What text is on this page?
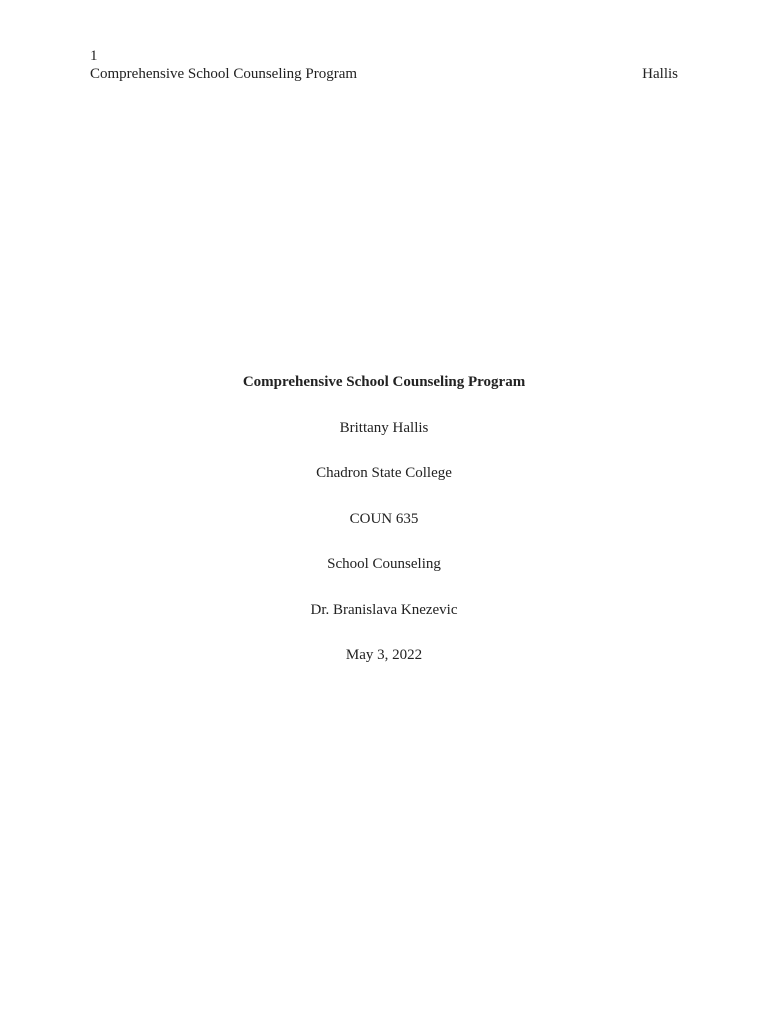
1
Comprehensive School Counseling Program	Hallis
Comprehensive School Counseling Program
Brittany Hallis
Chadron State College
COUN 635
School Counseling
Dr. Branislava Knezevic
May 3, 2022
